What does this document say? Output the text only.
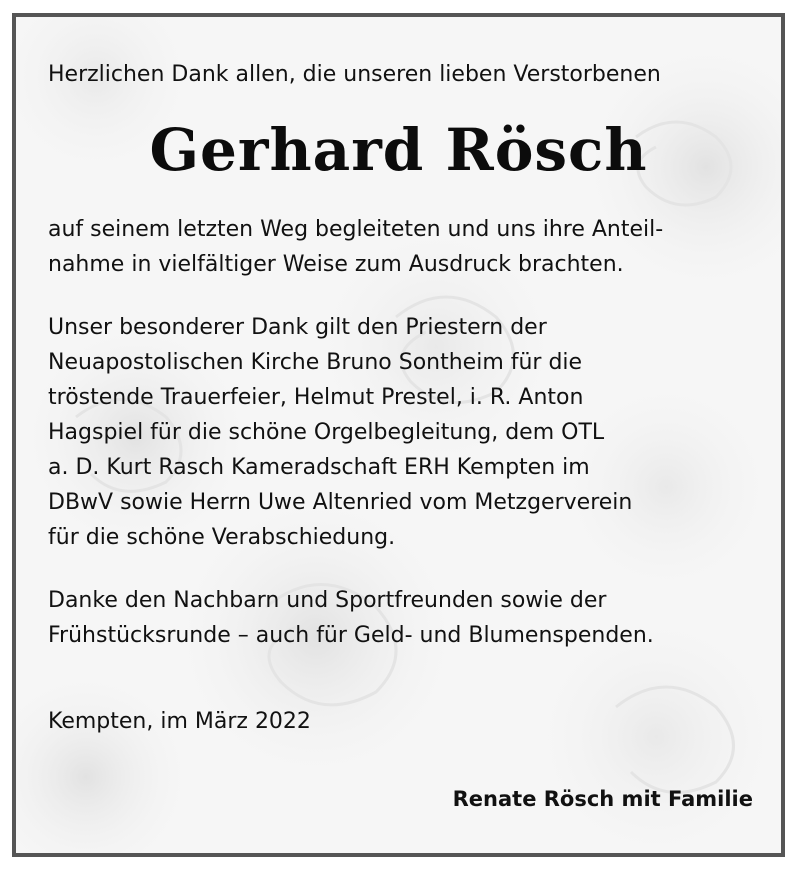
Herzlichen Dank allen, die unseren lieben Verstorbenen
Gerhard Rösch
auf seinem letzten Weg begleiteten und uns ihre Anteil-
nahme in vielfältiger Weise zum Ausdruck brachten.
Unser besonderer Dank gilt den Priestern der
Neuapostolischen Kirche Bruno Sontheim für die
tröstende Trauerfeier, Helmut Prestel, i. R. Anton
Hagspiel für die schöne Orgelbegleitung, dem OTL
a. D. Kurt Rasch Kameradschaft ERH Kempten im
DBwV sowie Herrn Uwe Altenried vom Metzgerverein
für die schöne Verabschiedung.
Danke den Nachbarn und Sportfreunden sowie der
Frühstücksrunde – auch für Geld- und Blumenspenden.
Kempten, im März 2022
Renate Rösch mit Familie
